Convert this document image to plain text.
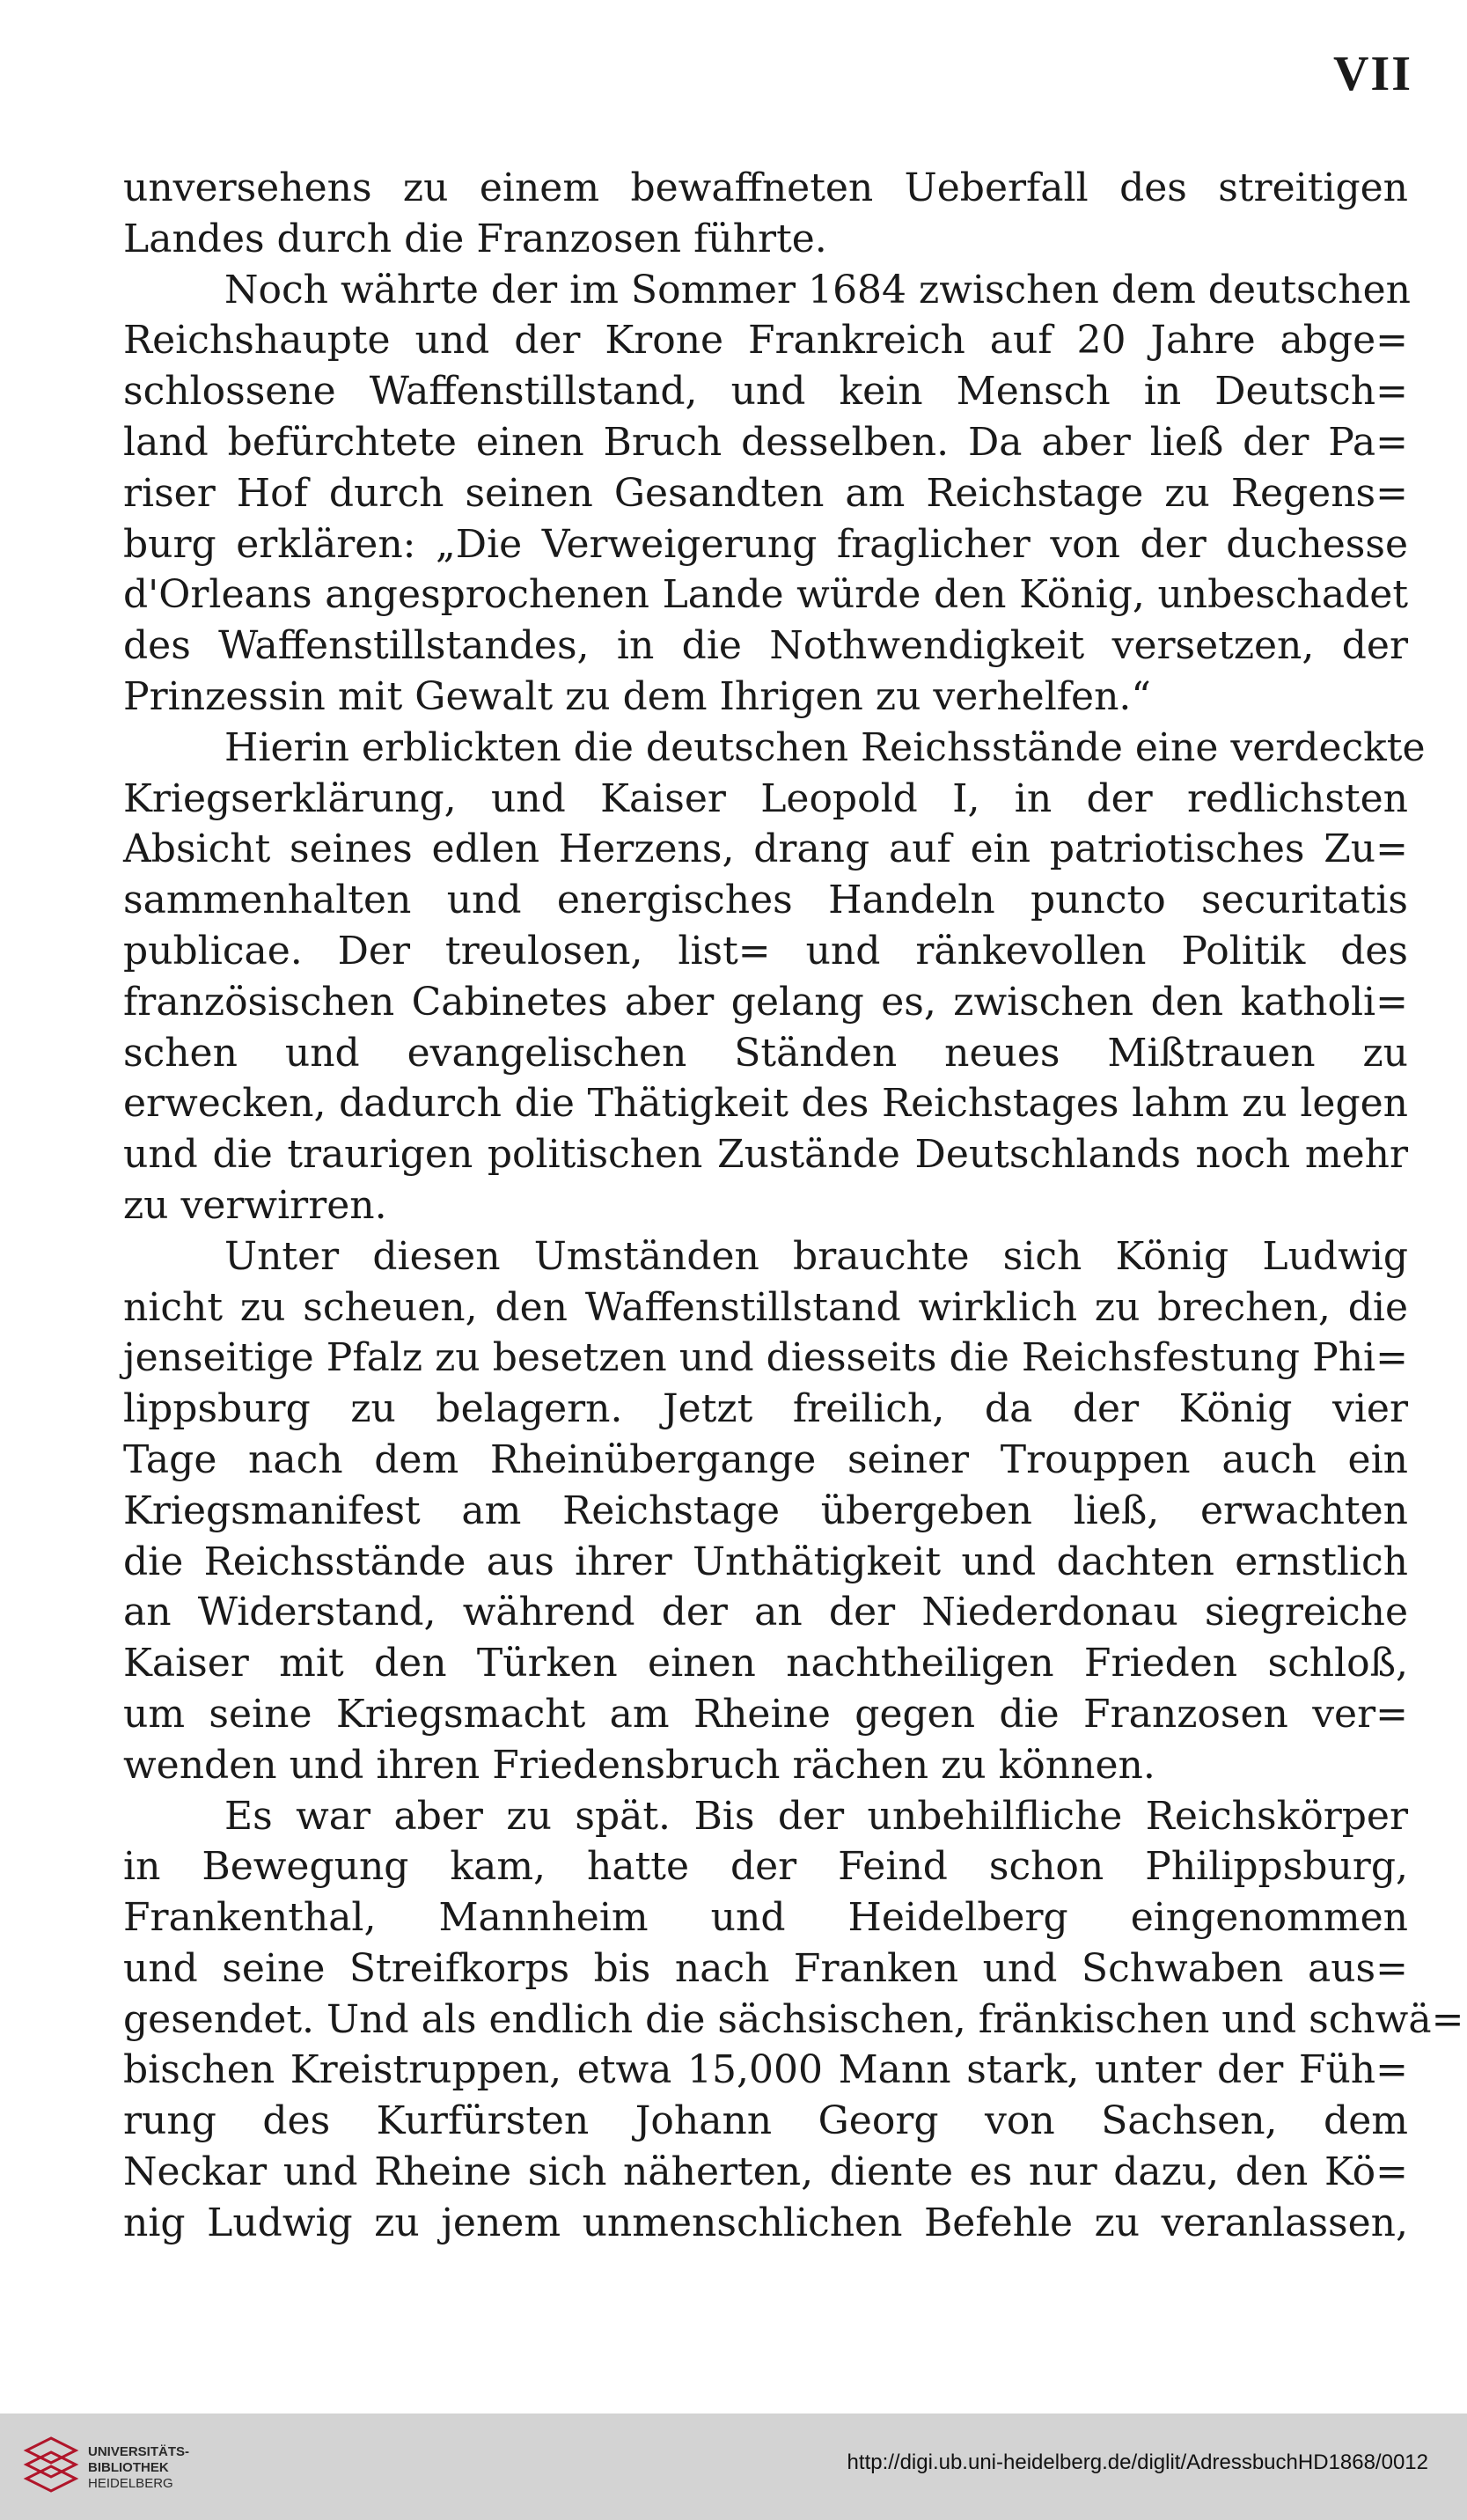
VII
unversehens zu einem bewaffneten Ueberfall des streitigen
Landes durch die Franzosen führte.
Noch währte der im Sommer 1684 zwischen dem deutschen
Reichshaupte und der Krone Frankreich auf 20 Jahre abge=
schlossene Waffenstillstand, und kein Mensch in Deutsch=
land befürchtete einen Bruch desselben. Da aber ließ der Pa=
riser Hof durch seinen Gesandten am Reichstage zu Regens=
burg erklären: „Die Verweigerung fraglicher von der duchesse
d'Orleans angesprochenen Lande würde den König, unbeschadet
des Waffenstillstandes, in die Nothwendigkeit versetzen, der
Prinzessin mit Gewalt zu dem Ihrigen zu verhelfen.“
Hierin erblickten die deutschen Reichsstände eine verdeckte
Kriegserklärung, und Kaiser Leopold I, in der redlichsten
Absicht seines edlen Herzens, drang auf ein patriotisches Zu=
sammenhalten und energisches Handeln puncto securitatis
publicae. Der treulosen, list= und ränkevollen Politik des
französischen Cabinetes aber gelang es, zwischen den katholi=
schen und evangelischen Ständen neues Mißtrauen zu
erwecken, dadurch die Thätigkeit des Reichstages lahm zu legen
und die traurigen politischen Zustände Deutschlands noch mehr
zu verwirren.
Unter diesen Umständen brauchte sich König Ludwig
nicht zu scheuen, den Waffenstillstand wirklich zu brechen, die
jenseitige Pfalz zu besetzen und diesseits die Reichsfestung Phi=
lippsburg zu belagern. Jetzt freilich, da der König vier
Tage nach dem Rheinübergange seiner Trouppen auch ein
Kriegsmanifest am Reichstage übergeben ließ, erwachten
die Reichsstände aus ihrer Unthätigkeit und dachten ernstlich
an Widerstand, während der an der Niederdonau siegreiche
Kaiser mit den Türken einen nachtheiligen Frieden schloß,
um seine Kriegsmacht am Rheine gegen die Franzosen ver=
wenden und ihren Friedensbruch rächen zu können.
Es war aber zu spät. Bis der unbehilfliche Reichskörper
in Bewegung kam, hatte der Feind schon Philippsburg,
Frankenthal, Mannheim und Heidelberg eingenommen
und seine Streifkorps bis nach Franken und Schwaben aus=
gesendet. Und als endlich die sächsischen, fränkischen und schwä=
bischen Kreistruppen, etwa 15,000 Mann stark, unter der Füh=
rung des Kurfürsten Johann Georg von Sachsen, dem
Neckar und Rheine sich näherten, diente es nur dazu, den Kö=
nig Ludwig zu jenem unmenschlichen Befehle zu veranlassen,
UNIVERSITÄTS-
BIBLIOTHEK
HEIDELBERG
http://digi.ub.uni-heidelberg.de/diglit/AdressbuchHD1868/0012
